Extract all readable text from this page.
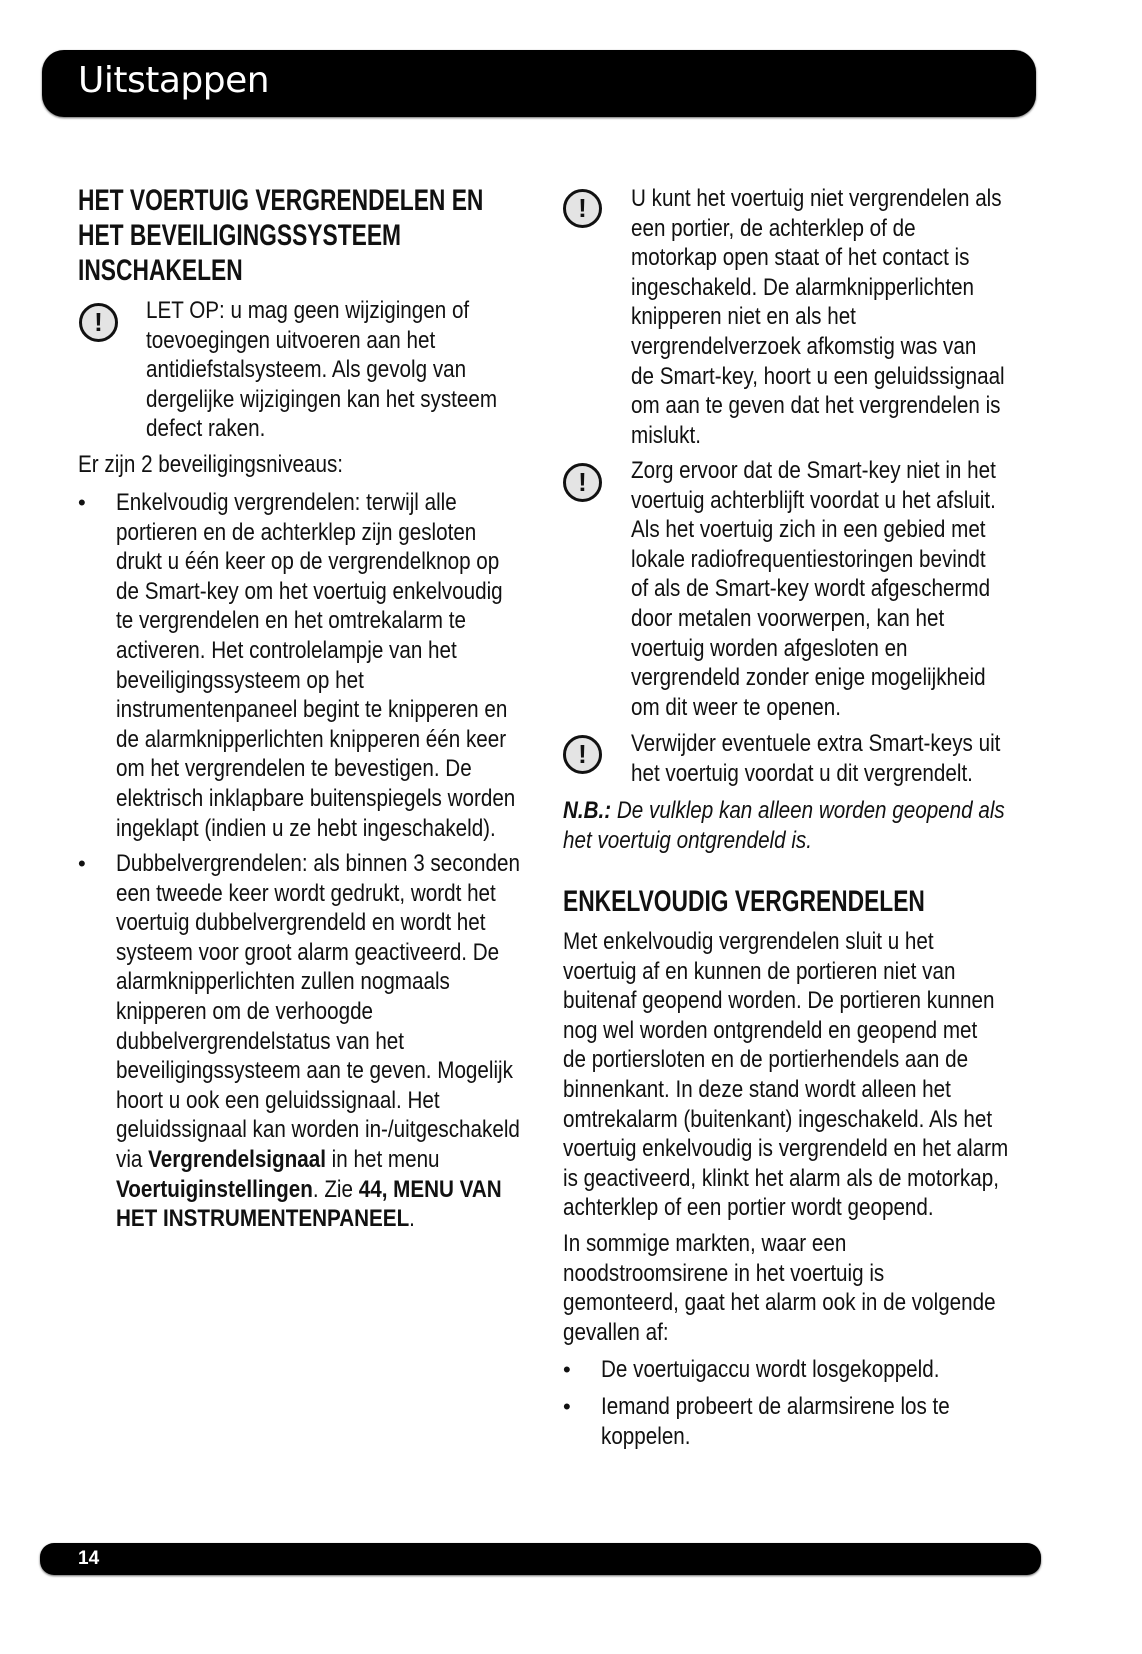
Uitstappen
HET VOERTUIG VERGRENDELEN EN
HET BEVEILIGINGSSYSTEEM
INSCHAKELEN
!	LET OP: u mag geen wijzigingen of
toevoegingen uitvoeren aan het
antidiefstalsysteem. Als gevolg van
dergelijke wijzigingen kan het systeem
defect raken.
Er zijn 2 beveiligingsniveaus:
• Enkelvoudig vergrendelen: terwijl alle
portieren en de achterklep zijn gesloten
drukt u één keer op de vergrendelknop op
de Smart-key om het voertuig enkelvoudig
te vergrendelen en het omtrekalarm te
activeren. Het controlelampje van het
beveiligingssysteem op het
instrumentenpaneel begint te knipperen en
de alarmknipperlichten knipperen één keer
om het vergrendelen te bevestigen. De
elektrisch inklapbare buitenspiegels worden
ingeklapt (indien u ze hebt ingeschakeld).
• Dubbelvergrendelen: als binnen 3 seconden
een tweede keer wordt gedrukt, wordt het
voertuig dubbelvergrendeld en wordt het
systeem voor groot alarm geactiveerd. De
alarmknipperlichten zullen nogmaals
knipperen om de verhoogde
dubbelvergrendelstatus van het
beveiligingssysteem aan te geven. Mogelijk
hoort u ook een geluidssignaal. Het
geluidssignaal kan worden in-/uitgeschakeld
via Vergrendelsignaal in het menu
Voertuiginstellingen. Zie 44, MENU VAN
HET INSTRUMENTENPANEEL.
!	U kunt het voertuig niet vergrendelen als
een portier, de achterklep of de
motorkap open staat of het contact is
ingeschakeld. De alarmknipperlichten
knipperen niet en als het
vergrendelverzoek afkomstig was van
de Smart-key, hoort u een geluidssignaal
om aan te geven dat het vergrendelen is
mislukt.
!	Zorg ervoor dat de Smart-key niet in het
voertuig achterblijft voordat u het afsluit.
Als het voertuig zich in een gebied met
lokale radiofrequentiestoringen bevindt
of als de Smart-key wordt afgeschermd
door metalen voorwerpen, kan het
voertuig worden afgesloten en
vergrendeld zonder enige mogelijkheid
om dit weer te openen.
!	Verwijder eventuele extra Smart-keys uit
het voertuig voordat u dit vergrendelt.
N.B.: De vulklep kan alleen worden geopend als
het voertuig ontgrendeld is.
ENKELVOUDIG VERGRENDELEN
Met enkelvoudig vergrendelen sluit u het
voertuig af en kunnen de portieren niet van
buitenaf geopend worden. De portieren kunnen
nog wel worden ontgrendeld en geopend met
de portiersloten en de portierhendels aan de
binnenkant. In deze stand wordt alleen het
omtrekalarm (buitenkant) ingeschakeld. Als het
voertuig enkelvoudig is vergrendeld en het alarm
is geactiveerd, klinkt het alarm als de motorkap,
achterklep of een portier wordt geopend.
In sommige markten, waar een
noodstroomsirene in het voertuig is
gemonteerd, gaat het alarm ook in de volgende
gevallen af:
• De voertuigaccu wordt losgekoppeld.
• Iemand probeert de alarmsirene los te
koppelen.
14
